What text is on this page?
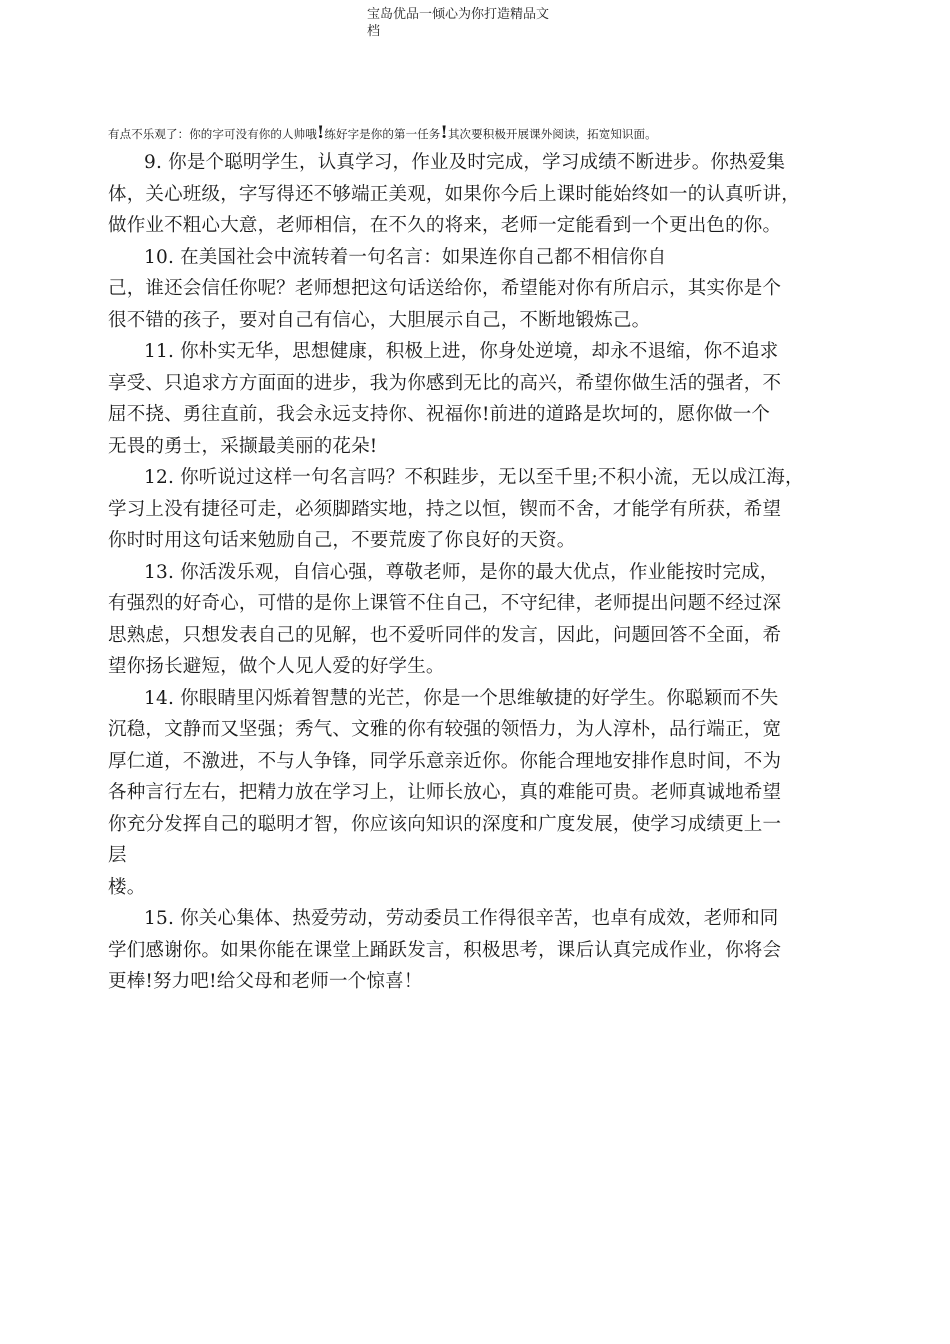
宝岛优品一倾心为你打造精品文
档
有点不乐观了：你的字可没有你的人帅哦!练好字是你的第一任务!其次要积极开展课外阅读，拓宽知识面。
9. 你是个聪明学生，认真学习，作业及时完成，学习成绩不断进步。你热爱集
体，关心班级，字写得还不够端正美观，如果你今后上课时能始终如一的认真听讲，
做作业不粗心大意，老师相信，在不久的将来，老师一定能看到一个更出色的你。
10. 在美国社会中流转着一句名言：如果连你自己都不相信你自
己，谁还会信任你呢？老师想把这句话送给你，希望能对你有所启示，其实你是个
很不错的孩子，要对自己有信心，大胆展示自己，不断地锻炼己。
11. 你朴实无华，思想健康，积极上进，你身处逆境，却永不退缩，你不追求
享受、只追求方方面面的进步，我为你感到无比的高兴，希望你做生活的强者，不
屈不挠、勇往直前，我会永远支持你、祝福你!前进的道路是坎坷的，愿你做一个
无畏的勇士，采撷最美丽的花朵!
12. 你听说过这样一句名言吗？不积跬步，无以至千里;不积小流，无以成江海，
学习上没有捷径可走，必须脚踏实地，持之以恒，锲而不舍，才能学有所获，希望
你时时用这句话来勉励自己，不要荒废了你良好的天资。
13. 你活泼乐观，自信心强，尊敬老师，是你的最大优点，作业能按时完成，
有强烈的好奇心，可惜的是你上课管不住自己，不守纪律，老师提出问题不经过深
思熟虑，只想发表自己的见解，也不爱听同伴的发言，因此，问题回答不全面，希
望你扬长避短，做个人见人爱的好学生。
14. 你眼睛里闪烁着智慧的光芒，你是一个思维敏捷的好学生。你聪颖而不失
沉稳，文静而又坚强；秀气、文雅的你有较强的领悟力，为人淳朴，品行端正，宽
厚仁道，不激进，不与人争锋，同学乐意亲近你。你能合理地安排作息时间，不为
各种言行左右，把精力放在学习上，让师长放心，真的难能可贵。老师真诚地希望
你充分发挥自己的聪明才智，你应该向知识的深度和广度发展，使学习成绩更上一
层
楼。
15. 你关心集体、热爱劳动，劳动委员工作得很辛苦，也卓有成效，老师和同
学们感谢你。如果你能在课堂上踊跃发言，积极思考，课后认真完成作业，你将会
更棒!努力吧!给父母和老师一个惊喜！
